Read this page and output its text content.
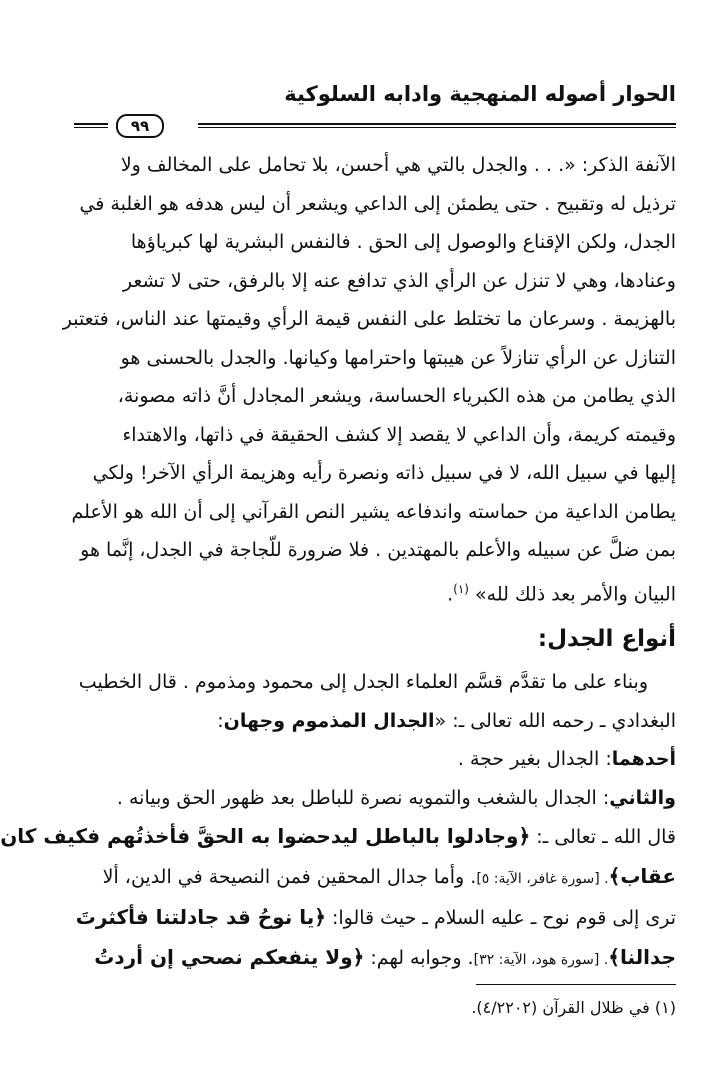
الحوار أصوله المنهجية وادابه السلوكية
٩٩

الآنفة الذكر: «. . . والجدل بالتي هي أحسن، بلا تحامل على المخالف ولا
ترذيل له وتقبيح . حتى يطمئن إلى الداعي ويشعر أن ليس هدفه هو الغلبة في
الجدل، ولكن الإقناع والوصول إلى الحق . فالنفس البشرية لها كبرياؤها
وعنادها، وهي لا تنزل عن الرأي الذي تدافع عنه إلا بالرفق، حتى لا تشعر
بالهزيمة . وسرعان ما تختلط على النفس قيمة الرأي وقيمتها عند الناس، فتعتبر
التنازل عن الرأي تنازلاً عن هيبتها واحترامها وكيانها. والجدل بالحسنى هو
الذي يطامن من هذه الكبرياء الحساسة، ويشعر المجادل أنَّ ذاته مصونة،
وقيمته كريمة، وأن الداعي لا يقصد إلا كشف الحقيقة في ذاتها، والاهتداء
إليها في سبيل الله، لا في سبيل ذاته ونصرة رأيه وهزيمة الرأي الآخر! ولكي
يطامن الداعية من حماسته واندفاعه يشير النص القرآني إلى أن الله هو الأعلم
بمن ضلَّ عن سبيله والأعلم بالمهتدين . فلا ضرورة للّجاجة في الجدل، إنَّما هو
البيان والأمر بعد ذلك لله» $^{(١)}$.

أنواع الجدل:

وبناء على ما تقدَّم قسَّم العلماء الجدل إلى محمود ومذموم . قال الخطيب
البغدادي ـ رحمه الله تعالى ـ: «الجدال المذموم وجهان:
أحدهما: الجدال بغير حجة .
والثاني: الجدال بالشغب والتمويه نصرة للباطل بعد ظهور الحق وبيانه .
قال الله ـ تعالى ـ: ﴿وجادلوا بالباطل ليدحضوا به الحقَّ فأخذتُهم فكيف كان
عقاب﴾. [سورة غافر، الآية: ٥]. وأما جدال المحقين فمن النصيحة في الدين، ألا
ترى إلى قوم نوح ـ عليه السلام ـ حيث قالوا: ﴿يا نوحُ قد جادلتنا فأكثرتَ
جدالنا﴾. [سورة هود، الآية: ٣٢]. وجوابه لهم: ﴿ولا ينفعكم نصحي إن أردتُ

(١) في ظلال القرآن (٤/٢٢٠٢).
